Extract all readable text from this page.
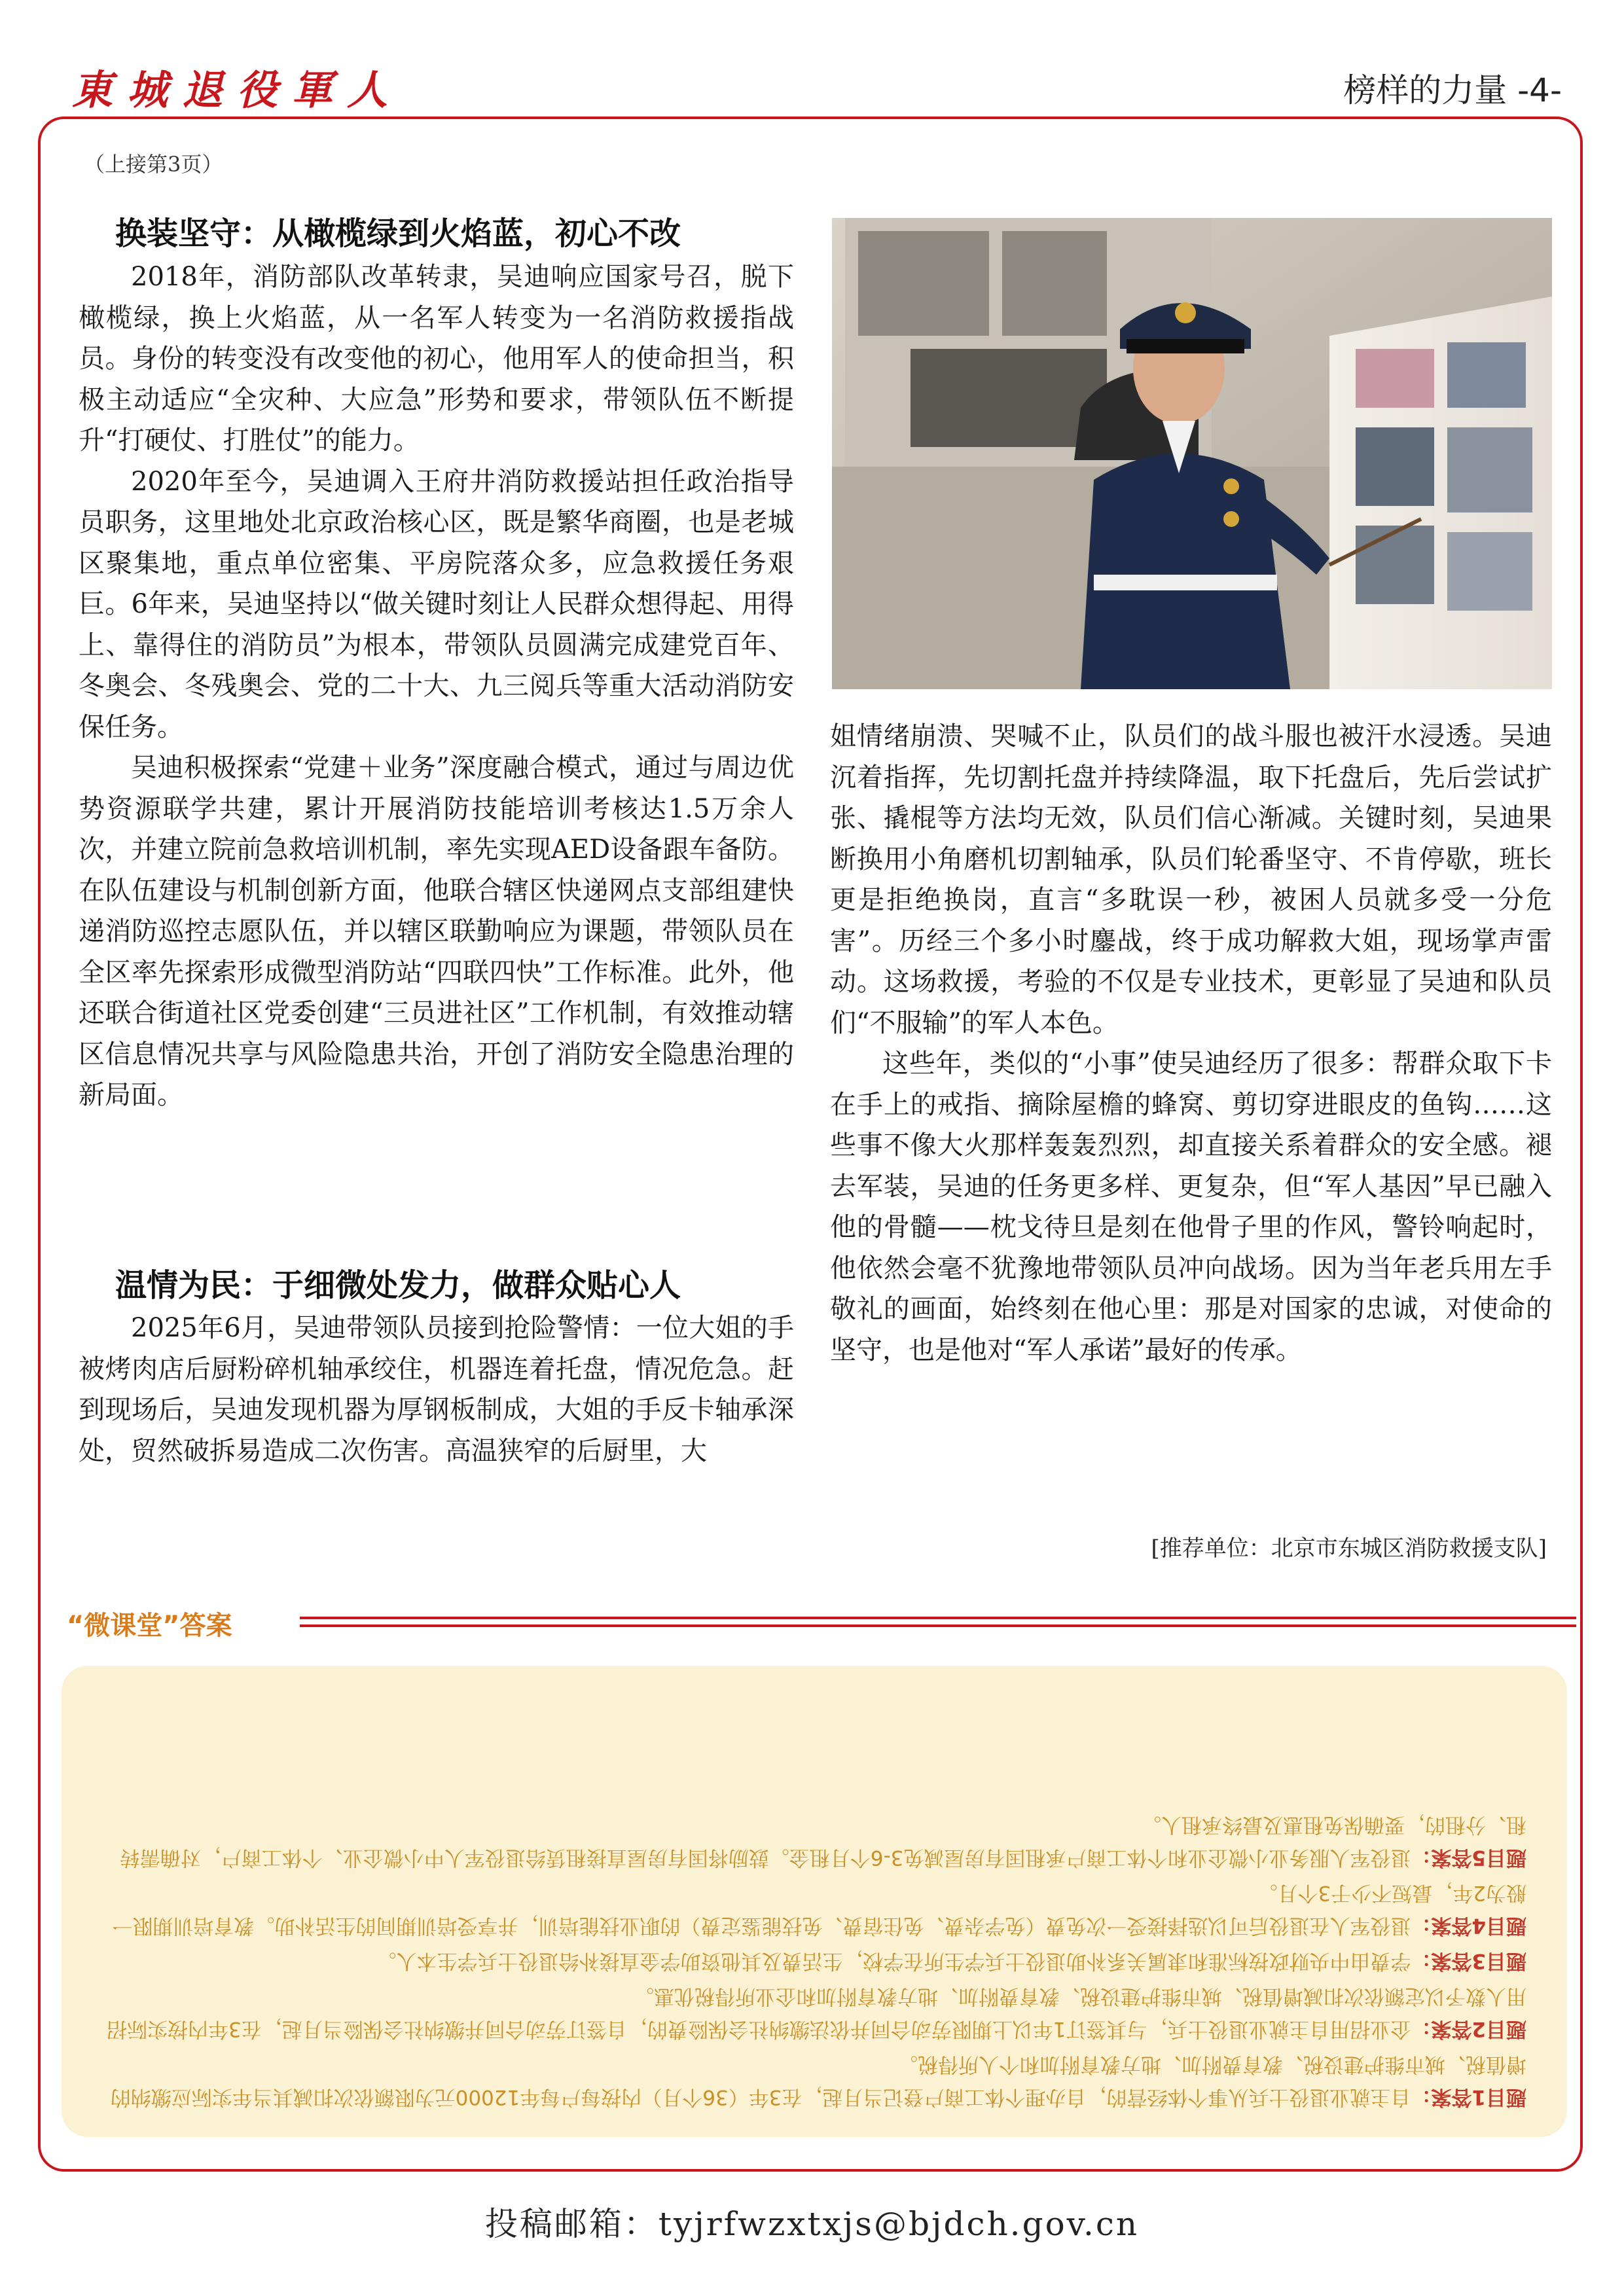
東城退役軍人	榜样的力量 -4-
（上接第3页）
换装坚守：从橄榄绿到火焰蓝，初心不改

2018年，消防部队改革转隶，吴迪响应国家号召，脱下橄榄绿，换上火焰蓝，从一名军人转变为一名消防救援指战员。身份的转变没有改变他的初心，他用军人的使命担当，积极主动适应“全灾种、大应急”形势和要求，带领队伍不断提升“打硬仗、打胜仗”的能力。

2020年至今，吴迪调入王府井消防救援站担任政治指导员职务，这里地处北京政治核心区，既是繁华商圈，也是老城区聚集地，重点单位密集、平房院落众多，应急救援任务艰巨。6年来，吴迪坚持以“做关键时刻让人民群众想得起、用得上、靠得住的消防员”为根本，带领队员圆满完成建党百年、冬奥会、冬残奥会、党的二十大、九三阅兵等重大活动消防安保任务。

吴迪积极探索“党建＋业务”深度融合模式，通过与周边优势资源联学共建，累计开展消防技能培训考核达1.5万余人次，并建立院前急救培训机制，率先实现AED设备跟车备防。在队伍建设与机制创新方面，他联合辖区快递网点支部组建快递消防巡控志愿队伍，并以辖区联勤响应为课题，带领队员在全区率先探索形成微型消防站“四联四快”工作标准。此外，他还联合街道社区党委创建“三员进社区”工作机制，有效推动辖区信息情况共享与风险隐患共治，开创了消防安全隐患治理的新局面。

温情为民：于细微处发力，做群众贴心人

2025年6月，吴迪带领队员接到抢险警情：一位大姐的手被烤肉店后厨粉碎机轴承绞住，机器连着托盘，情况危急。赶到现场后，吴迪发现机器为厚钢板制成，大姐的手反卡轴承深处，贸然破拆易造成二次伤害。高温狭窄的后厨里，大

姐情绪崩溃、哭喊不止，队员们的战斗服也被汗水浸透。吴迪沉着指挥，先切割托盘并持续降温，取下托盘后，先后尝试扩张、撬棍等方法均无效，队员们信心渐减。关键时刻，吴迪果断换用小角磨机切割轴承，队员们轮番坚守、不肯停歇，班长更是拒绝换岗，直言“多耽误一秒，被困人员就多受一分危害”。历经三个多小时鏖战，终于成功解救大姐，现场掌声雷动。这场救援，考验的不仅是专业技术，更彰显了吴迪和队员们“不服输”的军人本色。

这些年，类似的“小事”使吴迪经历了很多：帮群众取下卡在手上的戒指、摘除屋檐的蜂窝、剪切穿进眼皮的鱼钩……这些事不像大火那样轰轰烈烈，却直接关系着群众的安全感。褪去军装，吴迪的任务更多样、更复杂，但“军人基因”早已融入他的骨髓——枕戈待旦是刻在他骨子里的作风，警铃响起时，他依然会毫不犹豫地带领队员冲向战场。因为当年老兵用左手敬礼的画面，始终刻在他心里：那是对国家的忠诚，对使命的坚守，也是他对“军人承诺”最好的传承。

[推荐单位：北京市东城区消防救援支队]
“微课堂”答案

题目1答案：自主就业退役士兵从事个体经营的，自办理个体工商户登记当月起，在3年（36个月）内按每户每年12000元为限额依次扣减其当年实际应缴纳的增值税、城市维护建设税、教育费附加、地方教育附加和个人所得税。

题目2答案：企业招用自主就业退役士兵，与其签订1年以上期限劳动合同并依法缴纳社会保险费的，自签订劳动合同并缴纳社会保险当月起，在3年内按实际招用人数予以定额依次扣减增值税、城市维护建设税、教育费附加、地方教育附加和企业所得税优惠。

题目3答案：学费由中央财政按标准和隶属关系补助退役士兵学生所在学校，生活费及其他资助学金直接补给退役士兵学生本人。

题目4答案：退役军人在退役后可以选择接受一次免费（免学杂费、免住宿费、免技能鉴定费）的职业技能培训，并享受培训期间的生活补助。教育培训期限一般为2年，最短不少于3个月。

题目5答案：退役军人服务业小微企业和个体工商户承租国有房屋减免3-6个月租金。鼓励将国有房屋直接租赁给退役军人中小微企业、个体工商户，对确需转租、分租的，要确保免租惠及最终承租人。

投稿邮箱：tyjrfwzxtxjs@bjdch.gov.cn
